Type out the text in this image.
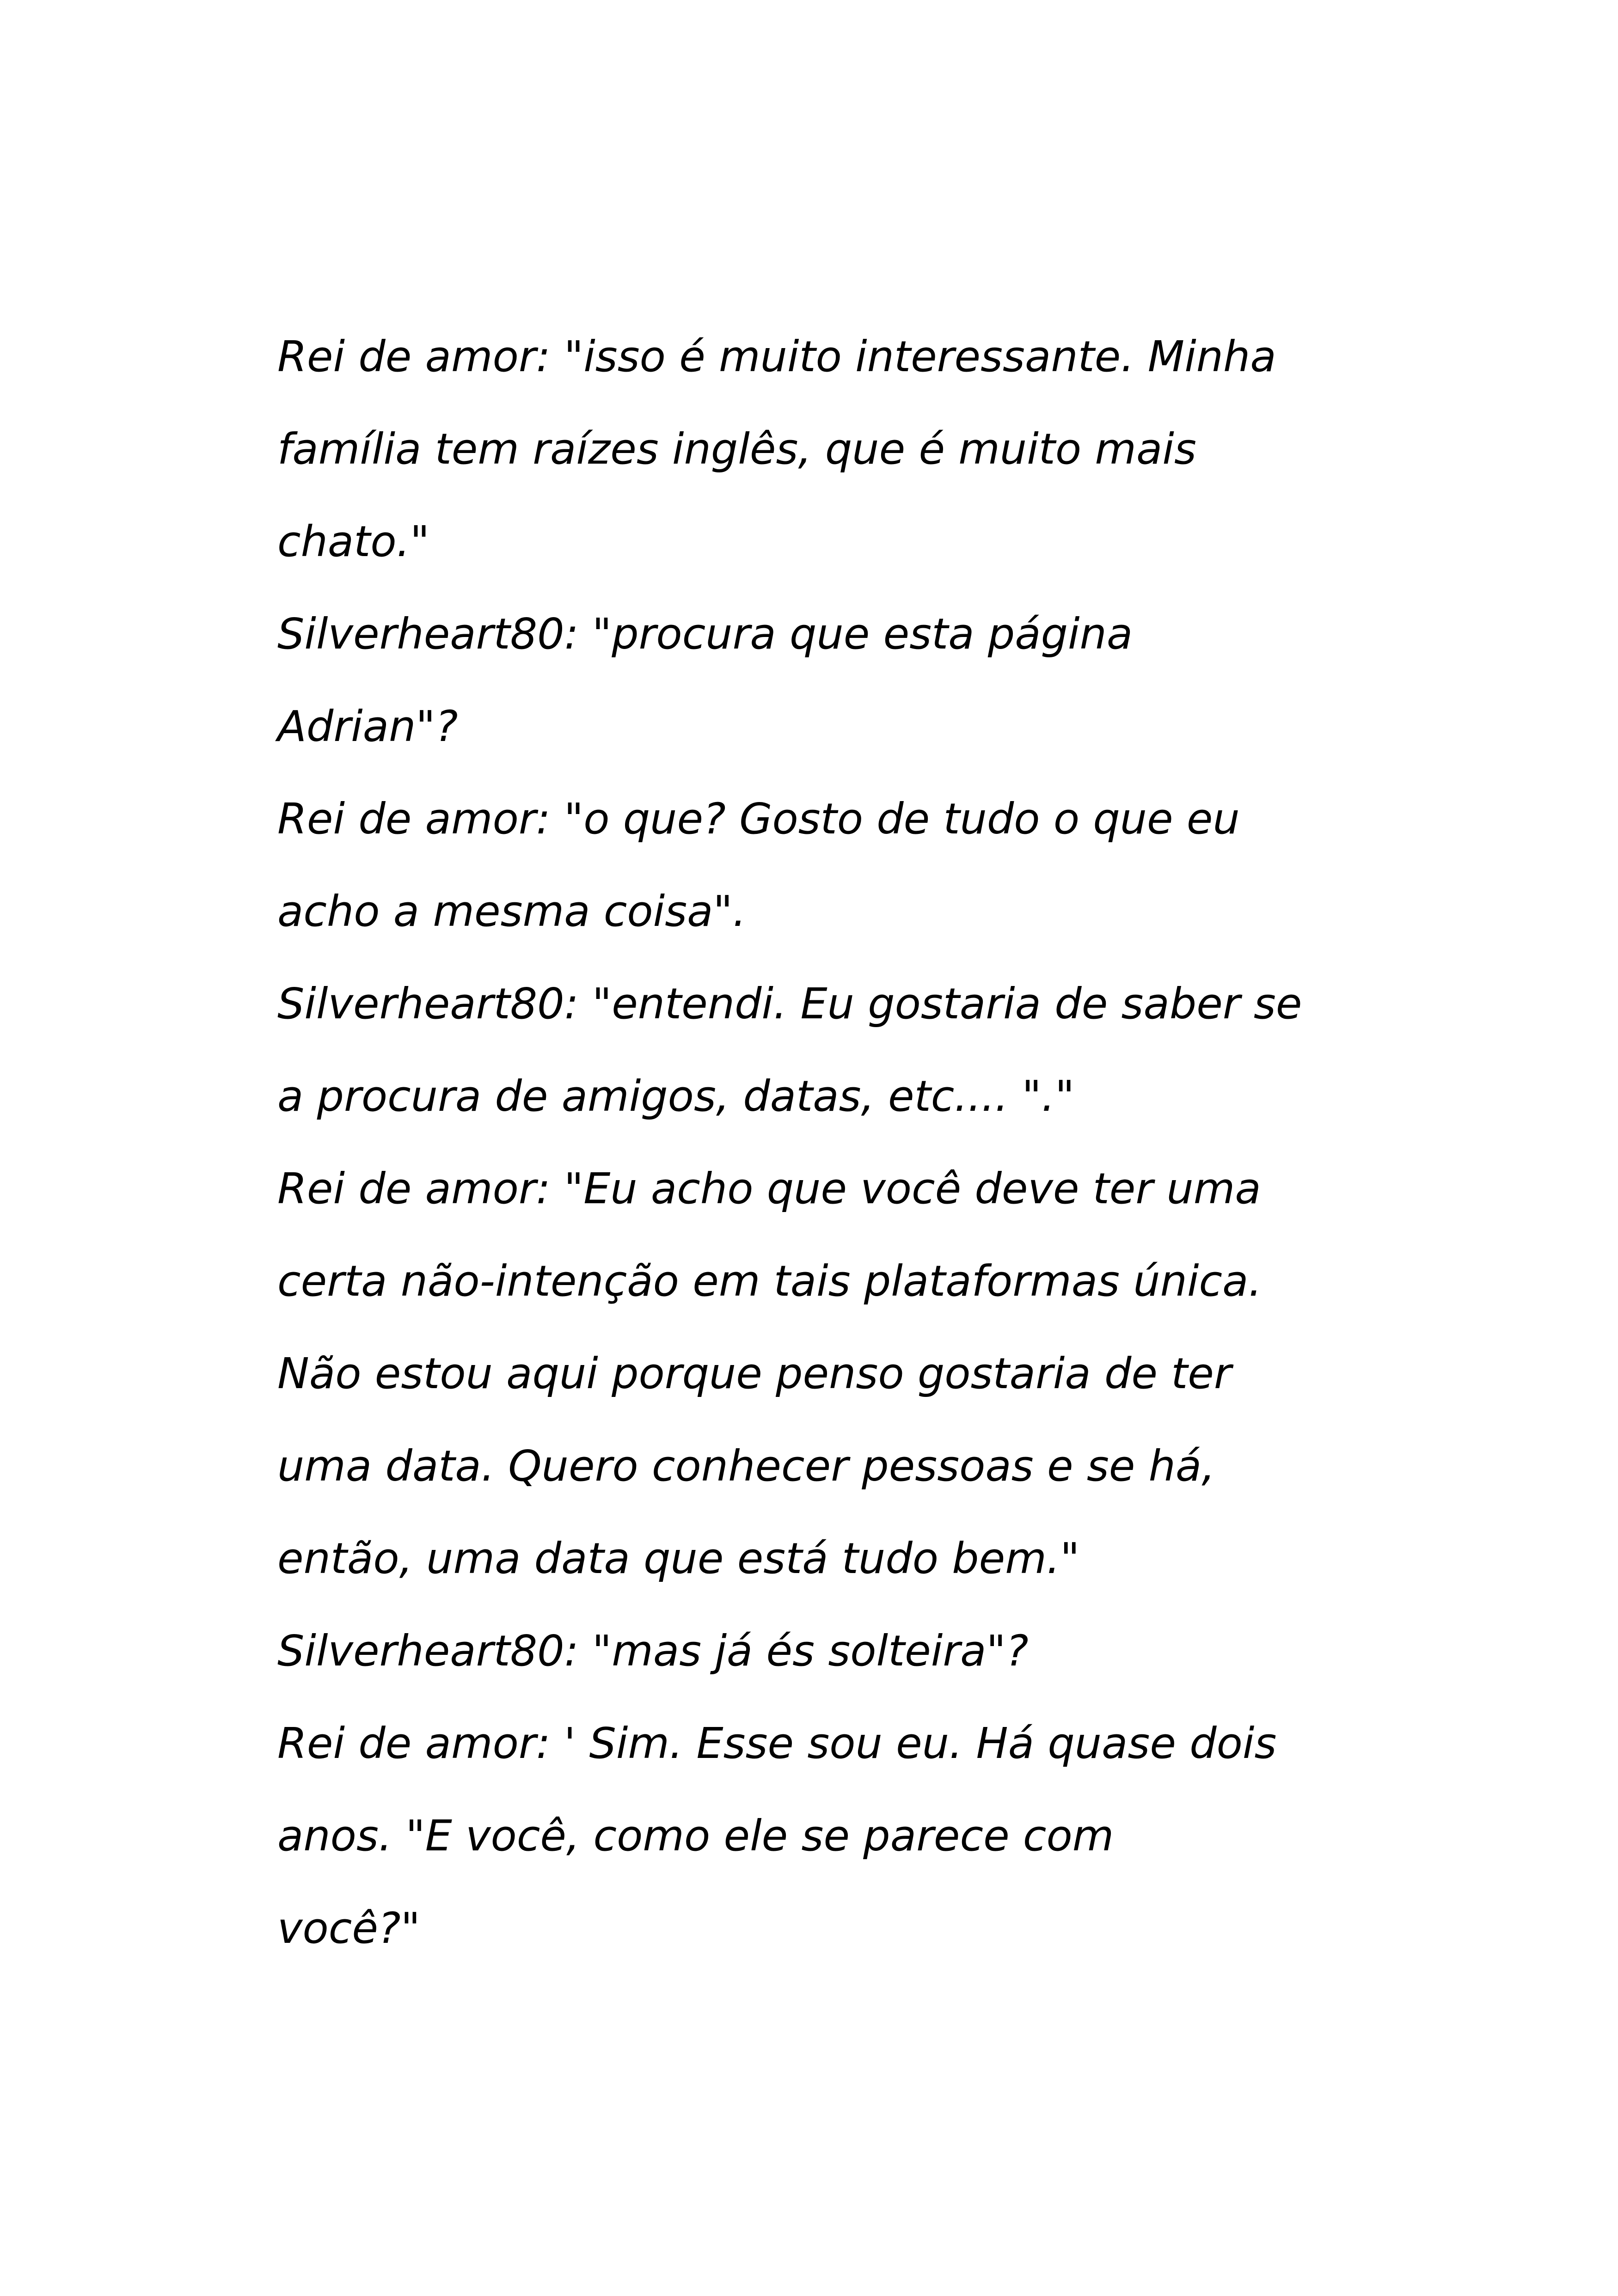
Rei de amor: "isso é muito interessante. Minha
família tem raízes inglês, que é muito mais
chato."
Silverheart80: "procura que esta página
Adrian"?
Rei de amor: "o que? Gosto de tudo o que eu
acho a mesma coisa".
Silverheart80: "entendi. Eu gostaria de saber se
a procura de amigos, datas, etc.... "."
Rei de amor: "Eu acho que você deve ter uma
certa não-intenção em tais plataformas única.
Não estou aqui porque penso gostaria de ter
uma data. Quero conhecer pessoas e se há,
então, uma data que está tudo bem."
Silverheart80: "mas já és solteira"?
Rei de amor: ' Sim. Esse sou eu. Há quase dois
anos. "E você, como ele se parece com
você?"
